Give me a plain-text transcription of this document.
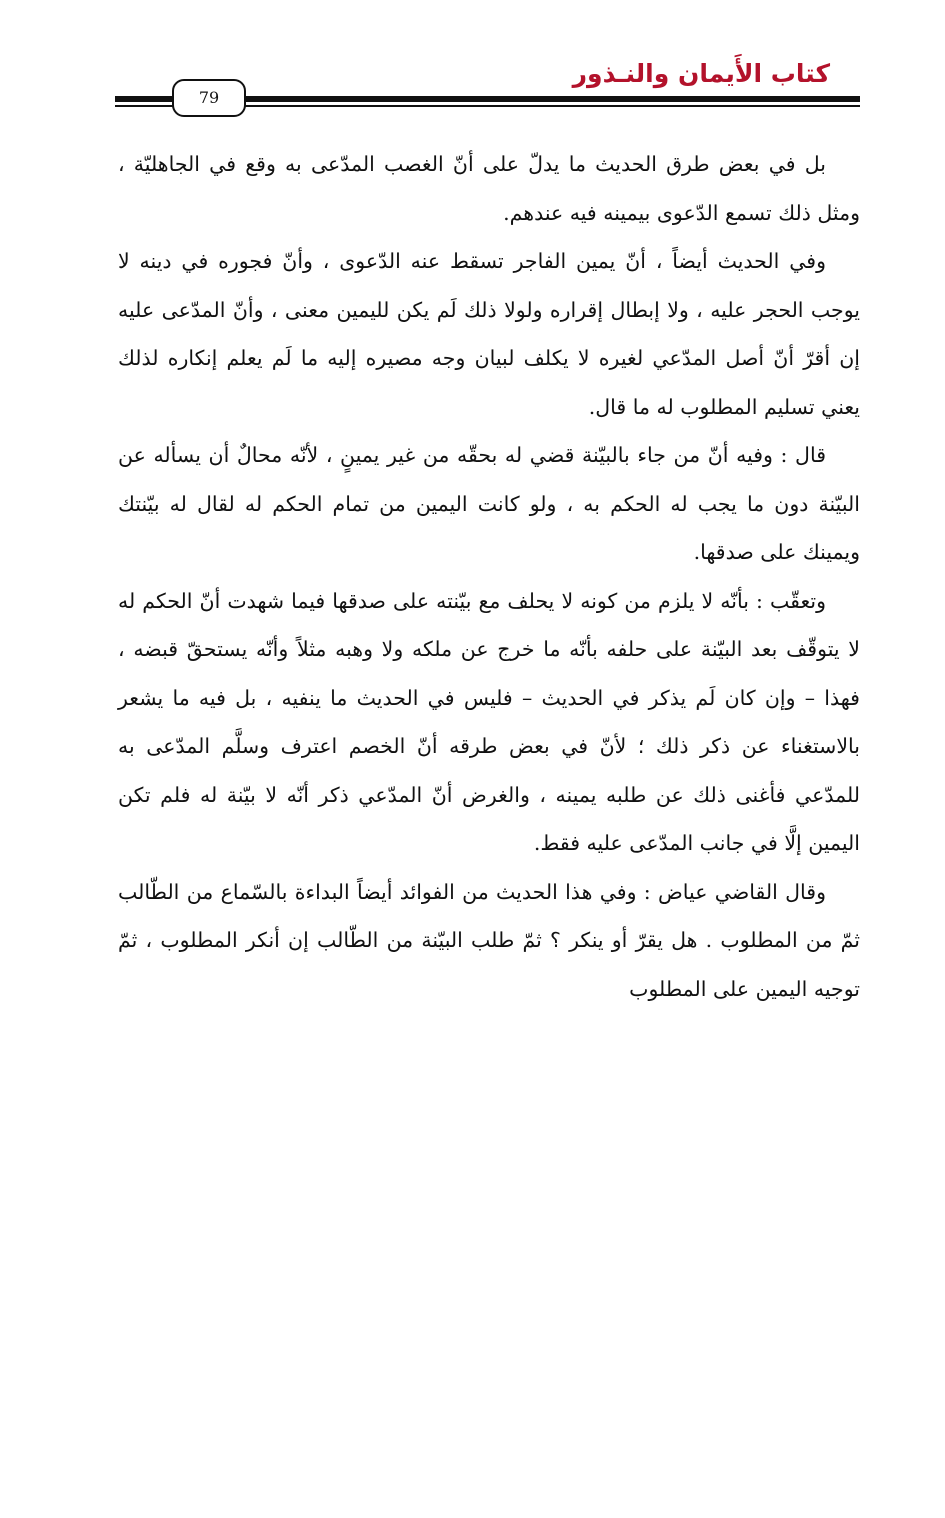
كتاب الأَيمان والنـذور
79

بل في بعض طرق الحديث ما يدلّ على أنّ الغصب المدّعى به وقع في الجاهليّة ، ومثل ذلك تسمع الدّعوى بيمينه فيه عندهم.

وفي الحديث أيضاً ، أنّ يمين الفاجر تسقط عنه الدّعوى ، وأنّ فجوره في دينه لا يوجب الحجر عليه ، ولا إبطال إقراره ولولا ذلك لَم يكن لليمين معنى ، وأنّ المدّعى عليه إن أقرّ أنّ أصل المدّعي لغيره لا يكلف لبيان وجه مصيره إليه ما لَم يعلم إنكاره لذلك يعني تسليم المطلوب له ما قال.

قال : وفيه أنّ من جاء بالبيّنة قضي له بحقّه من غير يمينٍ ، لأنّه محالٌ أن يسأله عن البيّنة دون ما يجب له الحكم به ، ولو كانت اليمين من تمام الحكم له لقال له بيّنتك ويمينك على صدقها.

وتعقّب : بأنّه لا يلزم من كونه لا يحلف مع بيّنته على صدقها فيما شهدت أنّ الحكم له لا يتوقّف بعد البيّنة على حلفه بأنّه ما خرج عن ملكه ولا وهبه مثلاً وأنّه يستحقّ قبضه ، فهذا – وإن كان لَم يذكر في الحديث – فليس في الحديث ما ينفيه ، بل فيه ما يشعر بالاستغناء عن ذكر ذلك ؛ لأنّ في بعض طرقه أنّ الخصم اعترف وسلَّم المدّعى به للمدّعي فأغنى ذلك عن طلبه يمينه ، والغرض أنّ المدّعي ذكر أنّه لا بيّنة له فلم تكن اليمين إلَّا في جانب المدّعى عليه فقط.

وقال القاضي عياض : وفي هذا الحديث من الفوائد أيضاً البداءة بالسّماع من الطّالب ثمّ من المطلوب . هل يقرّ أو ينكر ؟ ثمّ طلب البيّنة من الطّالب إن أنكر المطلوب ، ثمّ توجيه اليمين على المطلوب
